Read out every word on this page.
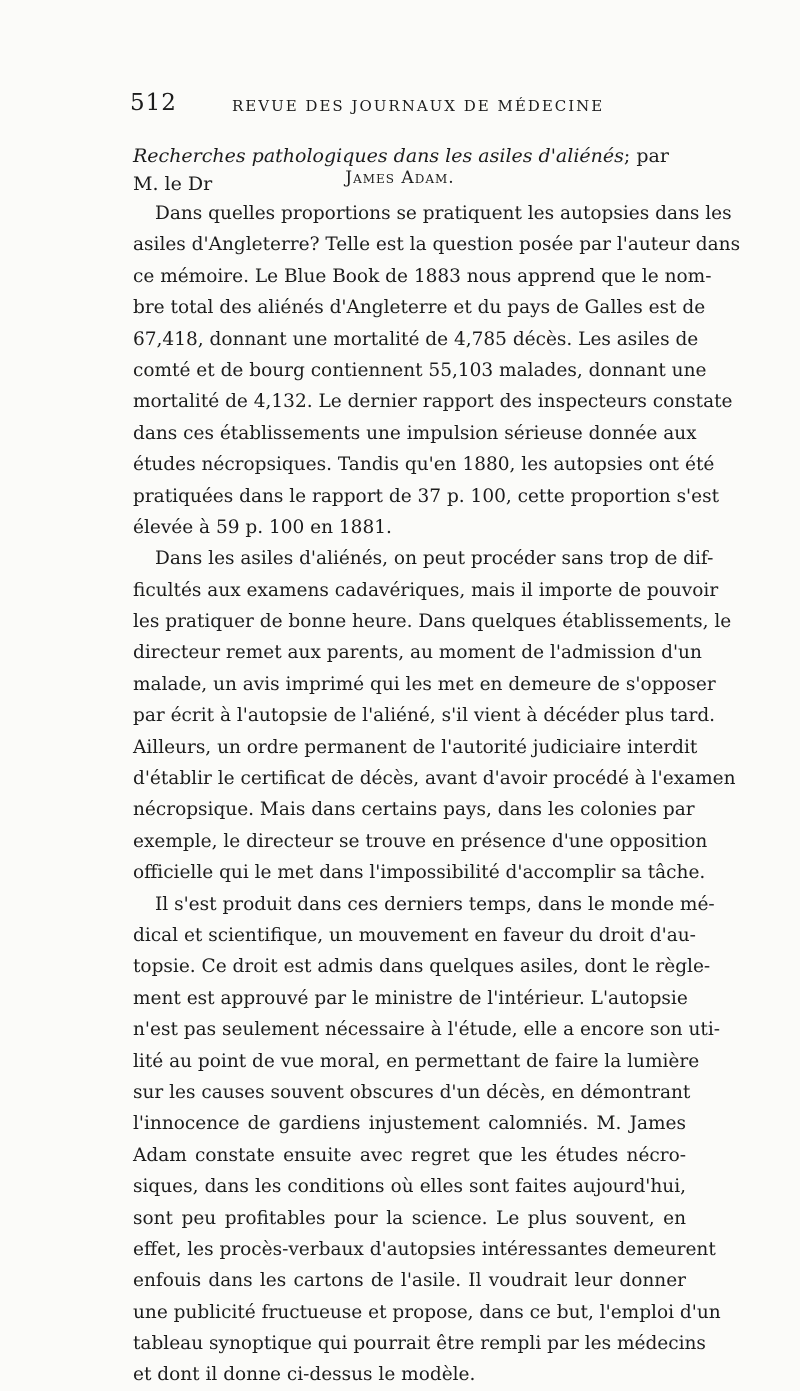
512	REVUE DES JOURNAUX DE MÉDECINE
Recherches pathologiques dans les asiles d'aliénés; par M. le Dr	James Adam.
Dans quelles proportions se pratiquent les autopsies dans les
asiles d'Angleterre? Telle est la question posée par l'auteur dans
ce mémoire. Le Blue Book de 1883 nous apprend que le nom-
bre total des aliénés d'Angleterre et du pays de Galles est de
67,418, donnant une mortalité de 4,785 décès. Les asiles de
comté et de bourg contiennent 55,103 malades, donnant une
mortalité de 4,132. Le dernier rapport des inspecteurs constate
dans ces établissements une impulsion sérieuse donnée aux
études nécropsiques. Tandis qu'en 1880, les autopsies ont été
pratiquées dans le rapport de 37 p. 100, cette proportion s'est
élevée à 59 p. 100 en 1881.
Dans les asiles d'aliénés, on peut procéder sans trop de dif-
ficultés aux examens cadavériques, mais il importe de pouvoir
les pratiquer de bonne heure. Dans quelques établissements, le
directeur remet aux parents, au moment de l'admission d'un
malade, un avis imprimé qui les met en demeure de s'opposer
par écrit à l'autopsie de l'aliéné, s'il vient à décéder plus tard.
Ailleurs, un ordre permanent de l'autorité judiciaire interdit
d'établir le certificat de décès, avant d'avoir procédé à l'examen
nécropsique. Mais dans certains pays, dans les colonies par
exemple, le directeur se trouve en présence d'une opposition
officielle qui le met dans l'impossibilité d'accomplir sa tâche.
Il s'est produit dans ces derniers temps, dans le monde mé-
dical et scientifique, un mouvement en faveur du droit d'au-
topsie. Ce droit est admis dans quelques asiles, dont le règle-
ment est approuvé par le ministre de l'intérieur. L'autopsie
n'est pas seulement nécessaire à l'étude, elle a encore son uti-
lité au point de vue moral, en permettant de faire la lumière
sur les causes souvent obscures d'un décès, en démontrant
l'innocence de gardiens injustement calomniés. M. James
Adam constate ensuite avec regret que les études nécro-
siques, dans les conditions où elles sont faites aujourd'hui,
sont peu profitables pour la science. Le plus souvent, en
effet, les procès-verbaux d'autopsies intéressantes demeurent
enfouis dans les cartons de l'asile. Il voudrait leur donner
une publicité fructueuse et propose, dans ce but, l'emploi d'un
tableau synoptique qui pourrait être rempli par les médecins
et dont il donne ci-dessus le modèle.
